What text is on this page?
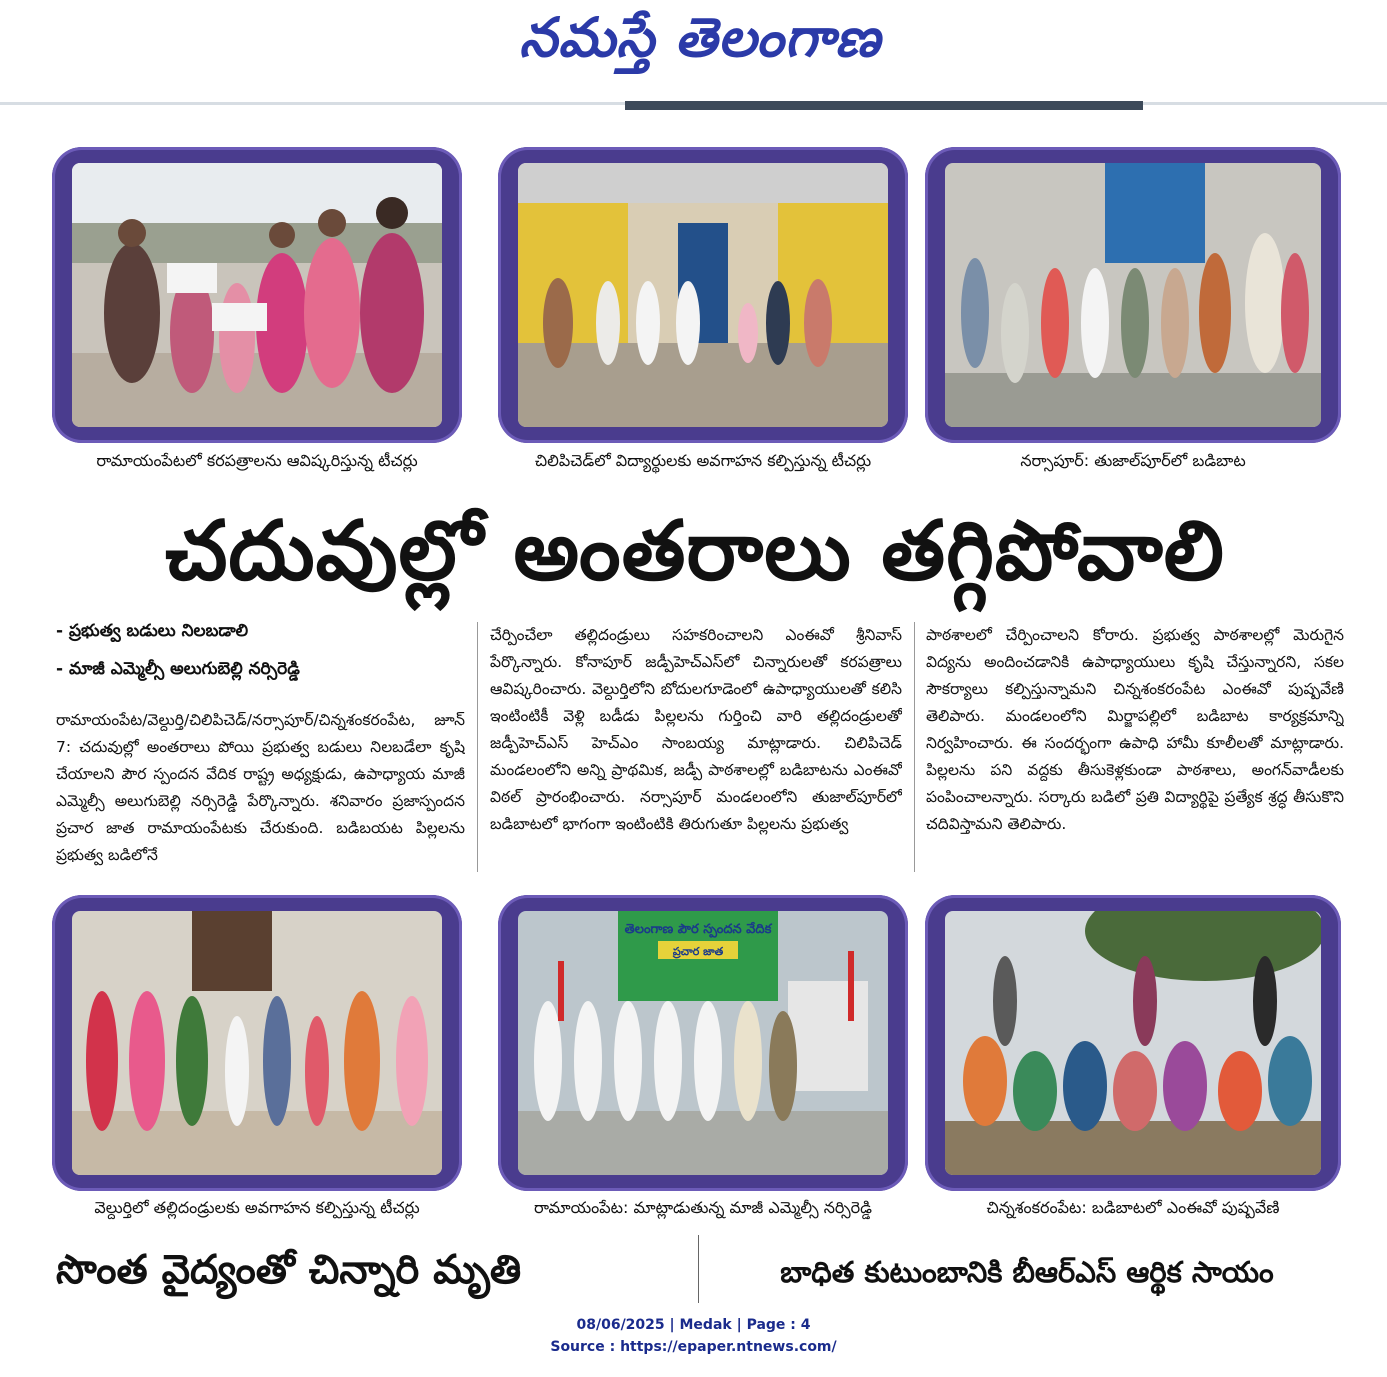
నమస్తే తెలంగాణ
రామాయంపేటలో కరపత్రాలను ఆవిష్కరిస్తున్న టీచర్లు	చిలిపిచెడ్‌లో విద్యార్థులకు అవగాహన కల్పిస్తున్న టీచర్లు	నర్సాపూర్: తుజాల్‌పూర్‌లో బడిబాట
చదువుల్లో అంతరాలు తగ్గిపోవాలి
- ప్రభుత్వ బడులు నిలబడాలి
- మాజీ ఎమ్మెల్సీ అలుగుబెల్లి నర్సిరెడ్డి
రామాయంపేట/వెల్దుర్తి/చిలిపిచెడ్/నర్సాపూర్/చిన్నశంకరంపేట, జూన్ 7: చదువుల్లో అంతరాలు పోయి ప్రభుత్వ బడులు నిలబడేలా కృషి చేయాలని పౌర స్పందన వేదిక రాష్ట్ర అధ్యక్షుడు, ఉపాధ్యాయ మాజీ ఎమ్మెల్సీ అలుగుబెల్లి నర్సిరెడ్డి పేర్కొన్నారు. శనివారం ప్రజాస్పందన ప్రచార జాత రామాయంపేటకు చేరుకుంది. బడిబయట పిల్లలను ప్రభుత్వ బడిలోనే
చేర్పించేలా తల్లిదండ్రులు సహకరించాలని ఎంఈవో శ్రీనివాస్ పేర్కొన్నారు. కోనాపూర్ జడ్పీహెచ్‌ఎస్‌లో చిన్నారులతో కరపత్రాలు ఆవిష్కరించారు. వెల్దుర్తిలోని బోదులగూడెంలో ఉపాధ్యాయులతో కలిసి ఇంటింటికీ వెళ్లి బడీడు పిల్లలను గుర్తించి వారి తల్లిదండ్రులతో జడ్పీహెచ్‌ఎస్ హెచ్‌ఎం సాంబయ్య మాట్లాడారు. చిలిపిచెడ్ మండలంలోని అన్ని ప్రాథమిక, జడ్పీ పాఠశాలల్లో బడిబాటను ఎంఈవో విఠల్ ప్రారంభించారు. నర్సాపూర్ మండలంలోని తుజాల్‌పూర్‌లో బడిబాటలో భాగంగా ఇంటింటికి తిరుగుతూ పిల్లలను ప్రభుత్వ
పాఠశాలలో చేర్పించాలని కోరారు. ప్రభుత్వ పాఠశాలల్లో మెరుగైన విద్యను అందించడానికి ఉపాధ్యాయులు కృషి చేస్తున్నారని, సకల సౌకర్యాలు కల్పిస్తున్నామని చిన్నశంకరంపేట ఎంఈవో పుష్పవేణి తెలిపారు. మండలంలోని మిర్జాపల్లిలో బడిబాట కార్యక్రమాన్ని నిర్వహించారు. ఈ సందర్భంగా ఉపాధి హామీ కూలీలతో మాట్లాడారు. పిల్లలను పని వద్దకు తీసుకెళ్లకుండా పాఠశాలు, అంగన్‌వాడీలకు పంపించాలన్నారు. సర్కారు బడిలో ప్రతి విద్యార్థిపై ప్రత్యేక శ్రద్ధ తీసుకొని చదివిస్తామని తెలిపారు.
వెల్దుర్తిలో తల్లిదండ్రులకు అవగాహన కల్పిస్తున్న టీచర్లు
తెలంగాణ పౌర స్పందన వేదిక
ప్రచార జాత
రామాయంపేట: మాట్లాడుతున్న మాజీ ఎమ్మెల్సీ నర్సిరెడ్డి	చిన్నశంకరంపేట: బడిబాటలో ఎంఈవో పుష్పవేణి
సొంత వైద్యంతో చిన్నారి మృతి	బాధిత కుటుంబానికి బీఆర్‌ఎస్ ఆర్థిక సాయం
08/06/2025 | Medak | Page : 4
Source : https://epaper.ntnews.com/
